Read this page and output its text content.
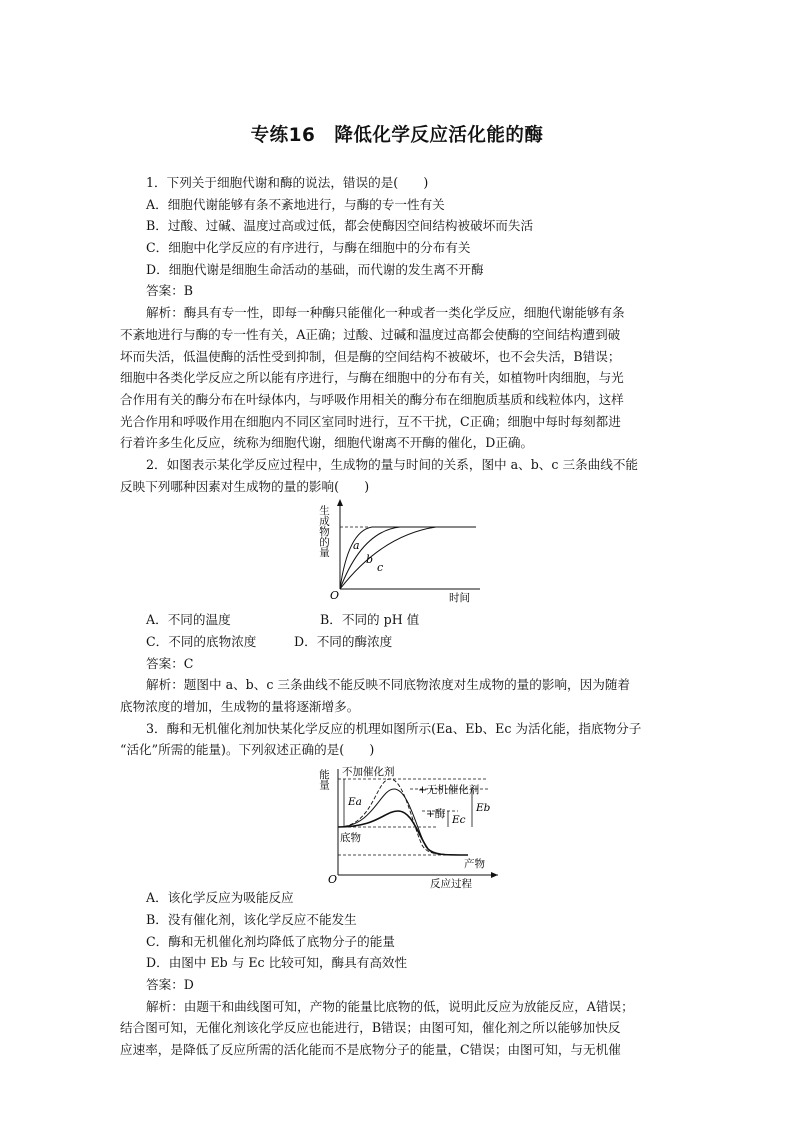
专练16　降低化学反应活化能的酶
1．下列关于细胞代谢和酶的说法，错误的是(　　)
A．细胞代谢能够有条不紊地进行，与酶的专一性有关
B．过酸、过碱、温度过高或过低，都会使酶因空间结构被破坏而失活
C．细胞中化学反应的有序进行，与酶在细胞中的分布有关
D．细胞代谢是细胞生命活动的基础，而代谢的发生离不开酶
答案：B
解析：酶具有专一性，即每一种酶只能催化一种或者一类化学反应，细胞代谢能够有条
不紊地进行与酶的专一性有关，A正确；过酸、过碱和温度过高都会使酶的空间结构遭到破
坏而失活，低温使酶的活性受到抑制，但是酶的空间结构不被破坏，也不会失活，B错误；
细胞中各类化学反应之所以能有序进行，与酶在细胞中的分布有关，如植物叶肉细胞，与光
合作用有关的酶分布在叶绿体内，与呼吸作用相关的酶分布在细胞质基质和线粒体内，这样
光合作用和呼吸作用在细胞内不同区室同时进行，互不干扰，C正确；细胞中每时每刻都进
行着许多生化反应，统称为细胞代谢，细胞代谢离不开酶的催化，D正确。
2．如图表示某化学反应过程中，生成物的量与时间的关系，图中 a、b、c 三条曲线不能
反映下列哪种因素对生成物的量的影响(　　)
a
b
c
O	时间
生成物的量
A．不同的温度	B．不同的 pH 值
C．不同的底物浓度	D．不同的酶浓度
答案：C
解析：题图中 a、b、c 三条曲线不能反映不同底物浓度对生成物的量的影响，因为随着
底物浓度的增加，生成物的量将逐渐增多。
3．酶和无机催化剂加快某化学反应的机理如图所示(Ea、Eb、Ec 为活化能，指底物分子
“活化”所需的能量)。下列叙述正确的是(　　)
不加催化剂
+无机催化剂
+酶
底物
产物
Ea	Eb
Ec
O	反应过程
能量
A．该化学反应为吸能反应
B．没有催化剂，该化学反应不能发生
C．酶和无机催化剂均降低了底物分子的能量
D．由图中 Eb 与 Ec 比较可知，酶具有高效性
答案：D
解析：由题干和曲线图可知，产物的能量比底物的低，说明此反应为放能反应，A错误；
结合图可知，无催化剂该化学反应也能进行，B错误；由图可知，催化剂之所以能够加快反
应速率，是降低了反应所需的活化能而不是底物分子的能量，C错误；由图可知，与无机催
